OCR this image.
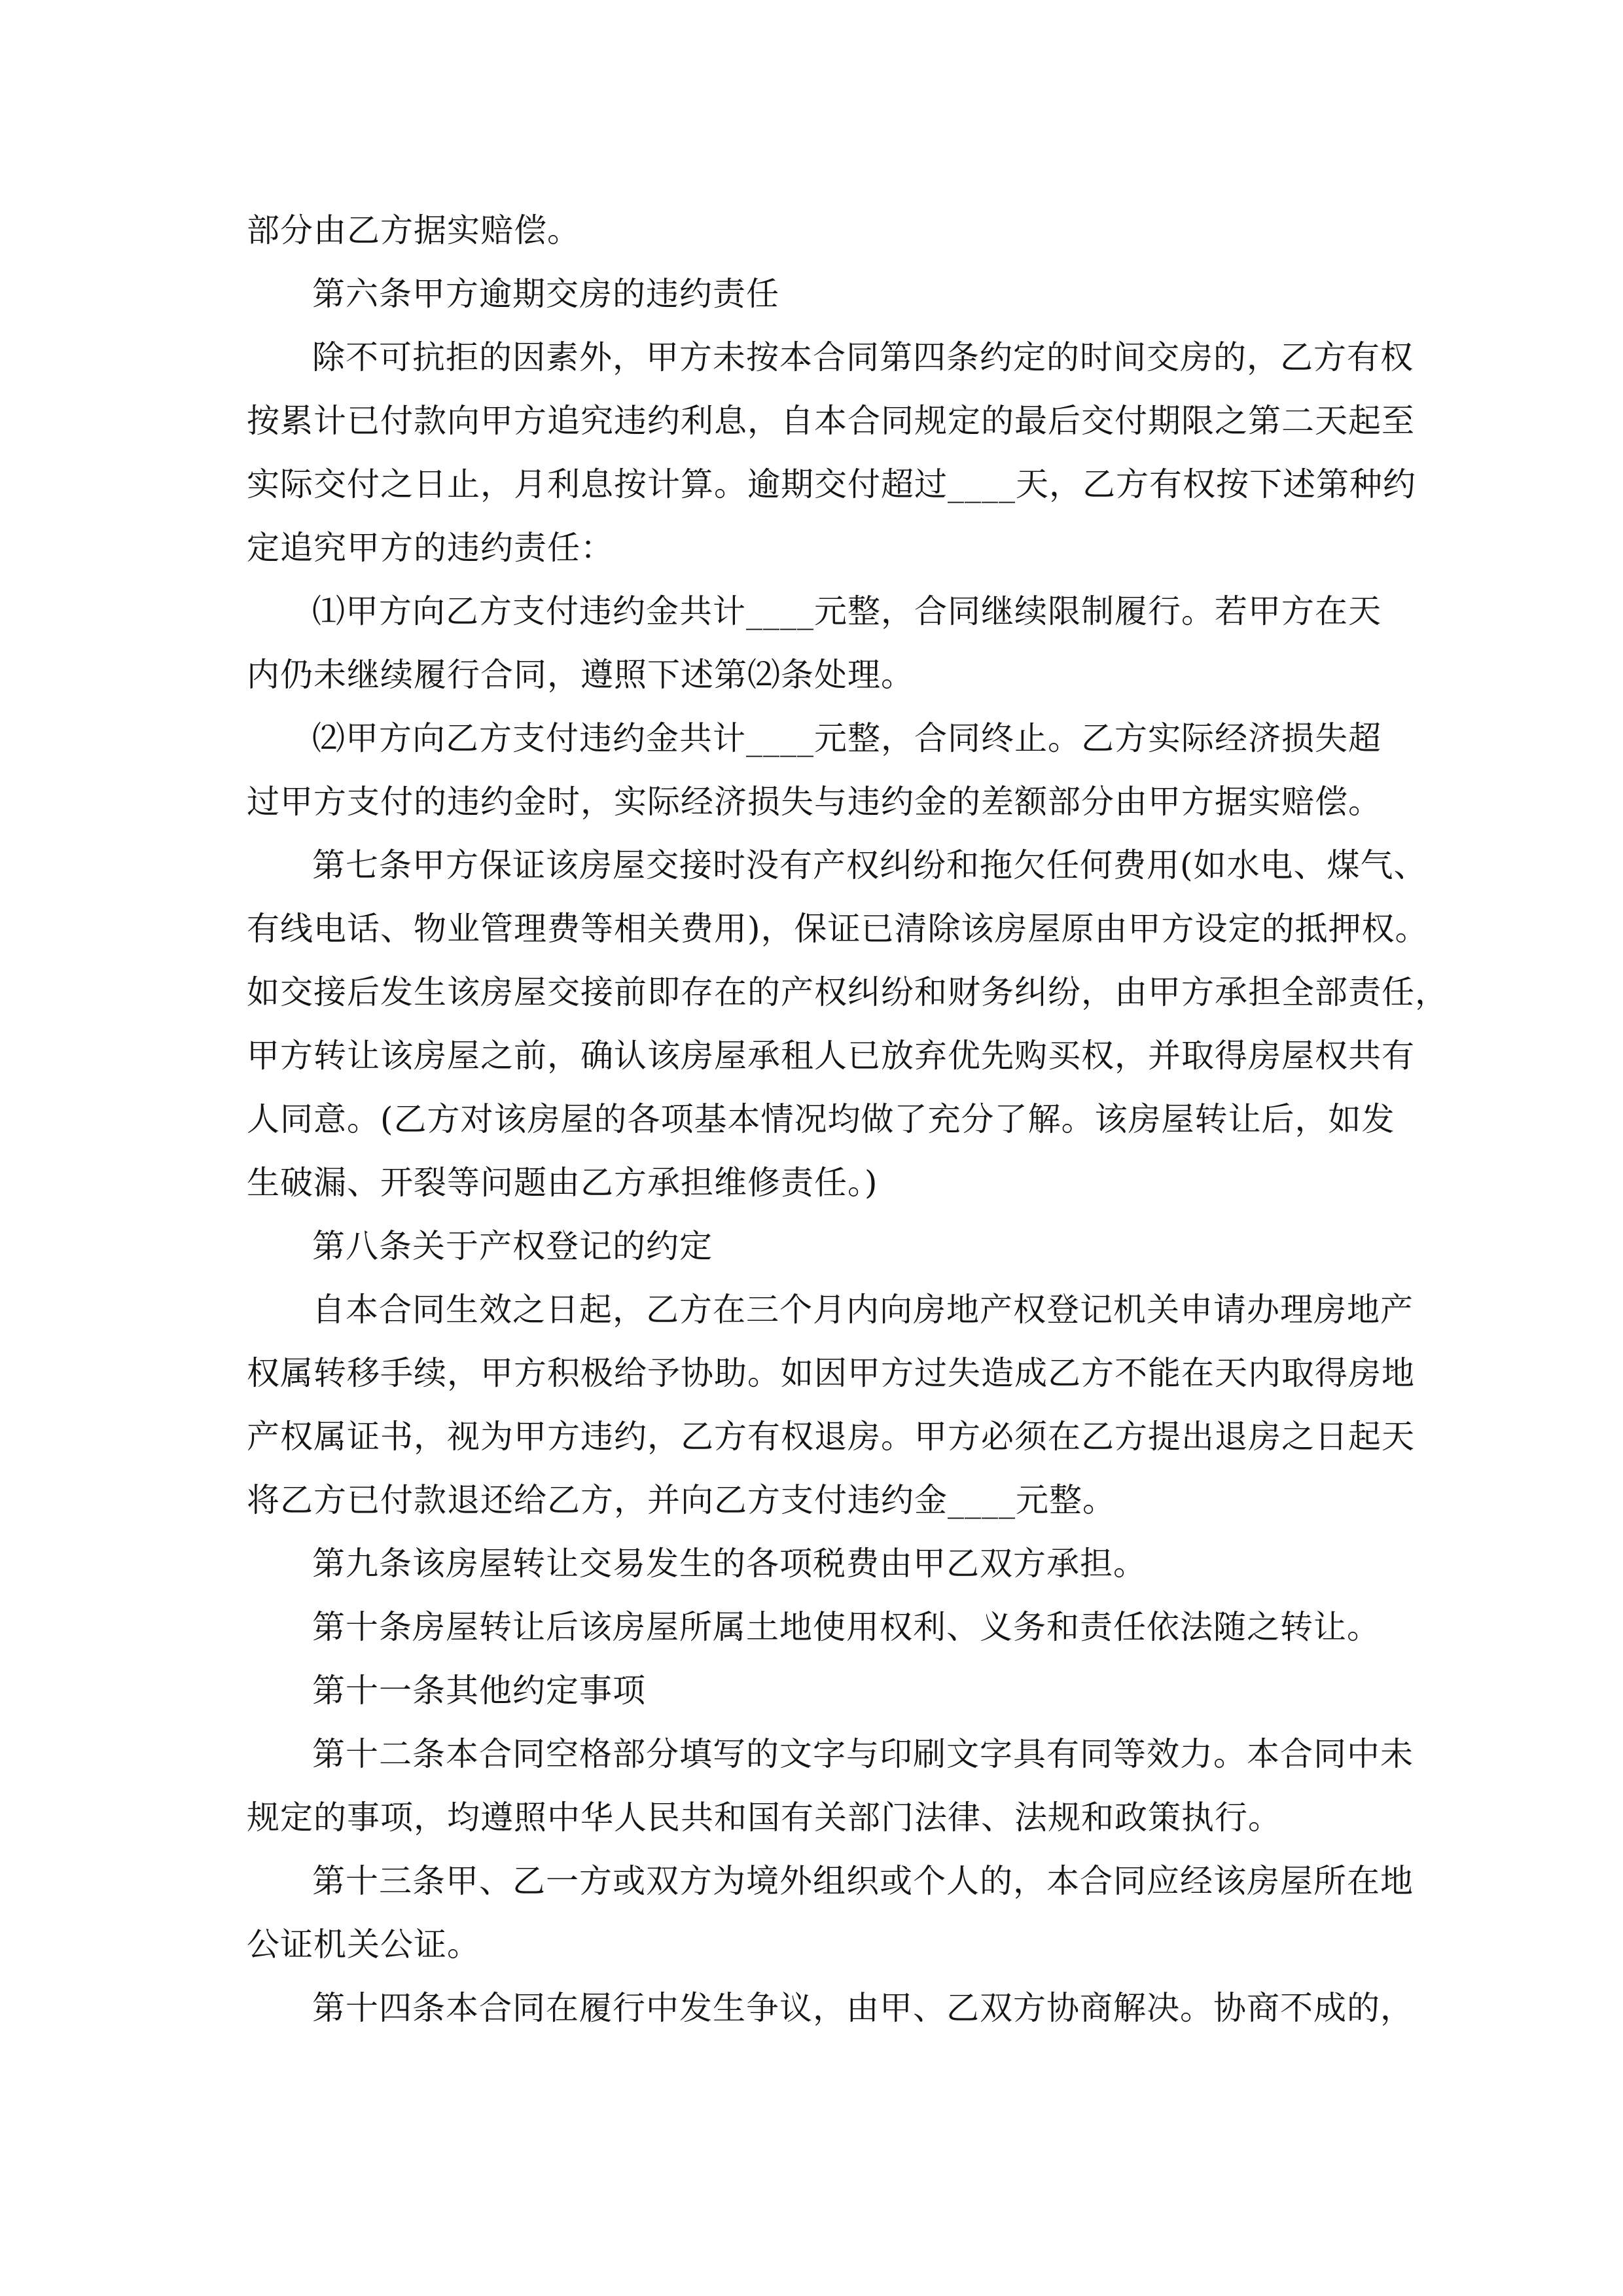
部分由乙方据实赔偿。
第六条甲方逾期交房的违约责任
除不可抗拒的因素外，甲方未按本合同第四条约定的时间交房的，乙方有权
按累计已付款向甲方追究违约利息，自本合同规定的最后交付期限之第二天起至
实际交付之日止，月利息按计算。逾期交付超过____天，乙方有权按下述第种约
定追究甲方的违约责任：
⑴甲方向乙方支付违约金共计____元整，合同继续限制履行。若甲方在天
内仍未继续履行合同，遵照下述第⑵条处理。
⑵甲方向乙方支付违约金共计____元整，合同终止。乙方实际经济损失超
过甲方支付的违约金时，实际经济损失与违约金的差额部分由甲方据实赔偿。
第七条甲方保证该房屋交接时没有产权纠纷和拖欠任何费用(如水电、煤气、
有线电话、物业管理费等相关费用)，保证已清除该房屋原由甲方设定的抵押权。
如交接后发生该房屋交接前即存在的产权纠纷和财务纠纷，由甲方承担全部责任，
甲方转让该房屋之前，确认该房屋承租人已放弃优先购买权，并取得房屋权共有
人同意。(乙方对该房屋的各项基本情况均做了充分了解。该房屋转让后，如发
生破漏、开裂等问题由乙方承担维修责任。)
第八条关于产权登记的约定
自本合同生效之日起，乙方在三个月内向房地产权登记机关申请办理房地产
权属转移手续，甲方积极给予协助。如因甲方过失造成乙方不能在天内取得房地
产权属证书，视为甲方违约，乙方有权退房。甲方必须在乙方提出退房之日起天
将乙方已付款退还给乙方，并向乙方支付违约金____元整。
第九条该房屋转让交易发生的各项税费由甲乙双方承担。
第十条房屋转让后该房屋所属土地使用权利、义务和责任依法随之转让。
第十一条其他约定事项
第十二条本合同空格部分填写的文字与印刷文字具有同等效力。本合同中未
规定的事项，均遵照中华人民共和国有关部门法律、法规和政策执行。
第十三条甲、乙一方或双方为境外组织或个人的，本合同应经该房屋所在地
公证机关公证。
第十四条本合同在履行中发生争议，由甲、乙双方协商解决。协商不成的，
